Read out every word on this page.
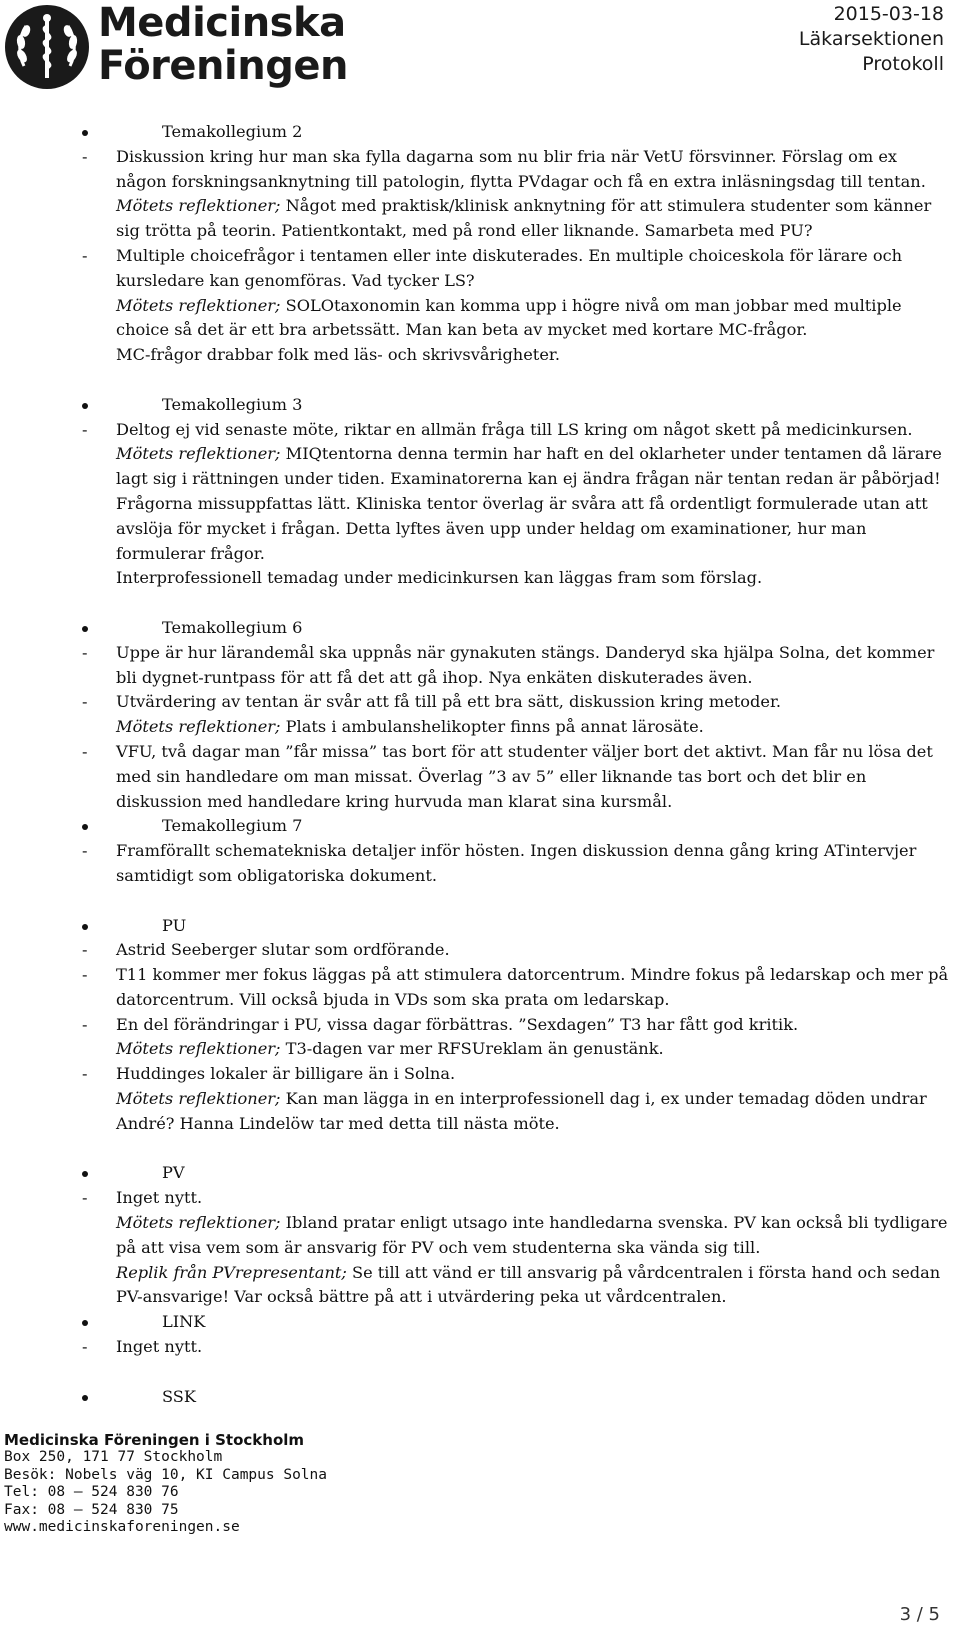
Medicinska
Föreningen
2015-03-18
Läkarsektionen
Protokoll
Temakollegium 2
- Diskussion kring hur man ska fylla dagarna som nu blir fria när VetU försvinner. Förslag om ex
någon forskningsanknytning till patologin, flytta PVdagar och få en extra inläsningsdag till tentan.
Mötets reflektioner; Något med praktisk/klinisk anknytning för att stimulera studenter som känner
sig trötta på teorin. Patientkontakt, med på rond eller liknande. Samarbeta med PU?
- Multiple choicefrågor i tentamen eller inte diskuterades. En multiple choiceskola för lärare och
kursledare kan genomföras. Vad tycker LS?
Mötets reflektioner; SOLOtaxonomin kan komma upp i högre nivå om man jobbar med multiple
choice så det är ett bra arbetssätt. Man kan beta av mycket med kortare MC-frågor.
MC-frågor drabbar folk med läs- och skrivsvårigheter.
Temakollegium 3
- Deltog ej vid senaste möte, riktar en allmän fråga till LS kring om något skett på medicinkursen.
Mötets reflektioner; MIQtentorna denna termin har haft en del oklarheter under tentamen då lärare
lagt sig i rättningen under tiden. Examinatorerna kan ej ändra frågan när tentan redan är påbörjad!
Frågorna missuppfattas lätt. Kliniska tentor överlag är svåra att få ordentligt formulerade utan att
avslöja för mycket i frågan. Detta lyftes även upp under heldag om examinationer, hur man
formulerar frågor.
Interprofessionell temadag under medicinkursen kan läggas fram som förslag.
Temakollegium 6
- Uppe är hur lärandemål ska uppnås när gynakuten stängs. Danderyd ska hjälpa Solna, det kommer
bli dygnet-runtpass för att få det att gå ihop. Nya enkäten diskuterades även.
- Utvärdering av tentan är svår att få till på ett bra sätt, diskussion kring metoder.
Mötets reflektioner; Plats i ambulanshelikopter finns på annat lärosäte.
- VFU, två dagar man ”får missa” tas bort för att studenter väljer bort det aktivt. Man får nu lösa det
med sin handledare om man missat. Överlag ”3 av 5” eller liknande tas bort och det blir en
diskussion med handledare kring hurvuda man klarat sina kursmål.
Temakollegium 7
- Framförallt schematekniska detaljer inför hösten. Ingen diskussion denna gång kring ATintervjer
samtidigt som obligatoriska dokument.
PU
- Astrid Seeberger slutar som ordförande.
- T11 kommer mer fokus läggas på att stimulera datorcentrum. Mindre fokus på ledarskap och mer på
datorcentrum. Vill också bjuda in VDs som ska prata om ledarskap.
- En del förändringar i PU, vissa dagar förbättras. ”Sexdagen” T3 har fått god kritik.
Mötets reflektioner; T3-dagen var mer RFSUreklam än genustänk.
- Huddinges lokaler är billigare än i Solna.
Mötets reflektioner; Kan man lägga in en interprofessionell dag i, ex under temadag döden undrar
André? Hanna Lindelöw tar med detta till nästa möte.
PV
- Inget nytt.
Mötets reflektioner; Ibland pratar enligt utsago inte handledarna svenska. PV kan också bli tydligare
på att visa vem som är ansvarig för PV och vem studenterna ska vända sig till.
Replik från PVrepresentant; Se till att vänd er till ansvarig på vårdcentralen i första hand och sedan
PV-ansvarige! Var också bättre på att i utvärdering peka ut vårdcentralen.
LINK
- Inget nytt.
SSK
Medicinska Föreningen i Stockholm
Box 250, 171 77 Stockholm
Besök: Nobels väg 10, KI Campus Solna
Tel: 08 – 524 830 76
Fax: 08 – 524 830 75
www.medicinskaforeningen.se
3 / 5
